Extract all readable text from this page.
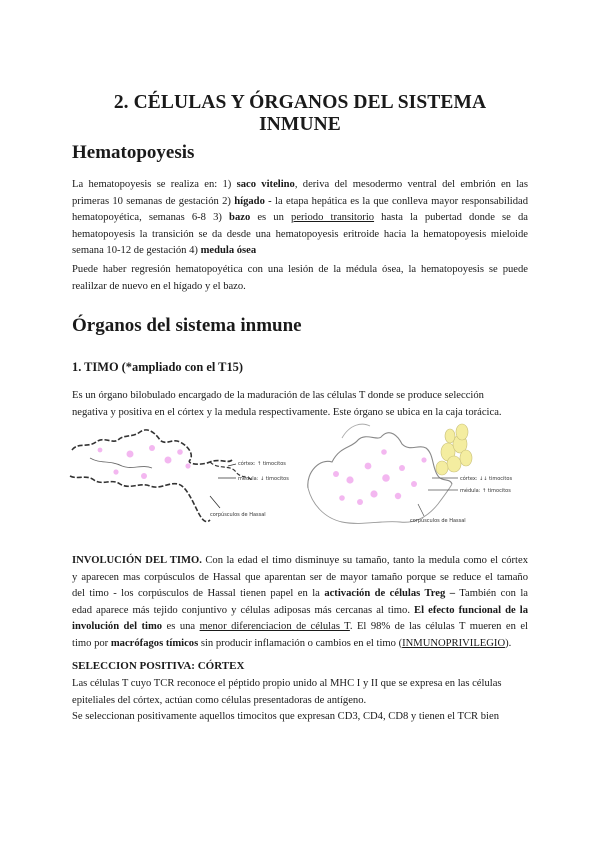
2. CÉLULAS Y ÓRGANOS DEL SISTEMA INMUNE
Hematopoyesis
La hematopoyesis se realiza en: 1) saco vitelino, deriva del mesodermo ventral del embrión en las
primeras 10 semanas de gestación 2) hígado - la etapa hepática es la que conlleva mayor responsabilidad
hematopoyética, semanas 6-8 3) bazo es un periodo transitorio hasta la pubertad donde se da
hematopoyesis la transición se da desde una hematopoyesis eritroide hacia la hematopoyesis mieloide
semana 10-12 de gestación 4) medula ósea
Puede haber regresión hematopoyética con una lesión de la médula ósea, la hematopoyesis se puede
realilzar de nuevo en el hígado y el bazo.
Órganos del sistema inmune
1. TIMO (*ampliado con el T15)
Es un órgano bilobulado encargado de la maduración de las células T donde se produce selección
negativa y positiva en el córtex y la medula respectivamente. Este órgano se ubica en la caja torácica.
córtex: ↑ timocitos
médula: ↓ timocitos
corpúsculos de Hassal
córtex: ↓↓ timocitos
médula: ↑ timocitos
corpúsculos de Hassal
INVOLUCIÓN DEL TIMO. Con la edad el timo disminuye su tamaño, tanto la medula como el córtex
y aparecen mas corpúsculos de Hassal que aparentan ser de mayor tamaño porque se reduce el tamaño
del timo - los corpúsculos de Hassal tienen papel en la activación de células Treg – También con la
edad aparece más tejido conjuntivo y células adiposas más cercanas al timo. El efecto funcional de la
involución del timo es una menor diferenciacion de células T. El 98% de las células T mueren en el
timo por macrófagos tímicos sin producir inflamación o cambios en el timo (INMUNOPRIVILEGIO).
SELECCION POSITIVA: CÓRTEX
Las células T cuyo TCR reconoce el péptido propio unido al MHC I y II que se expresa en las células
epiteliales del córtex, actúan como células presentadoras de antígeno.
Se seleccionan positivamente aquellos timocitos que expresan CD3, CD4, CD8 y tienen el TCR bien
